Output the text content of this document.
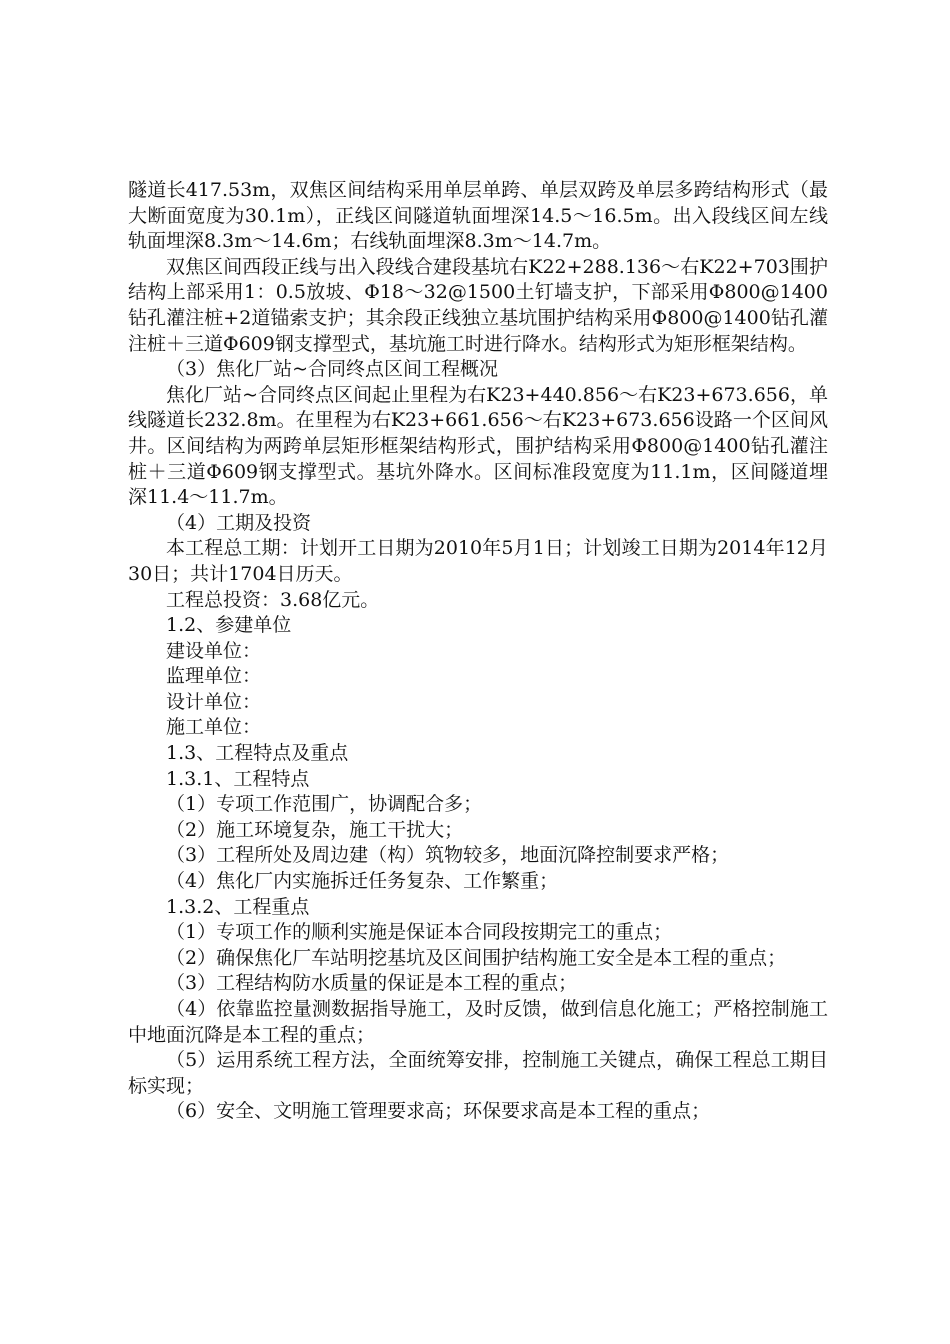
隧道长417.53m，双焦区间结构采用单层单跨、单层双跨及单层多跨结构形式（最大断面宽度为30.1m），正线区间隧道轨面埋深14.5～16.5m。出入段线区间左线轨面埋深8.3m～14.6m；右线轨面埋深8.3m～14.7m。

双焦区间西段正线与出入段线合建段基坑右K22+288.136～右K22+703围护结构上部采用1：0.5放坡、Φ18～32@1500土钉墙支护，下部采用Φ800@1400钻孔灌注桩+2道锚索支护；其余段正线独立基坑围护结构采用Φ800@1400钻孔灌注桩＋三道Φ609钢支撑型式，基坑施工时进行降水。结构形式为矩形框架结构。

（3）焦化厂站~合同终点区间工程概况

焦化厂站~合同终点区间起止里程为右K23+440.856～右K23+673.656，单线隧道长232.8m。在里程为右K23+661.656～右K23+673.656设路一个区间风井。区间结构为两跨单层矩形框架结构形式，围护结构采用Φ800@1400钻孔灌注桩＋三道Φ609钢支撑型式。基坑外降水。区间标准段宽度为11.1m，区间隧道埋深11.4～11.7m。

（4）工期及投资

本工程总工期：计划开工日期为2010年5月1日；计划竣工日期为2014年12月30日；共计1704日历天。

工程总投资：3.68亿元。

1.2、参建单位

建设单位：

监理单位：

设计单位：

施工单位：

1.3、工程特点及重点

1.3.1、工程特点

（1）专项工作范围广，协调配合多；

（2）施工环境复杂，施工干扰大；

（3）工程所处及周边建（构）筑物较多，地面沉降控制要求严格；

（4）焦化厂内实施拆迁任务复杂、工作繁重；

1.3.2、工程重点

（1）专项工作的顺利实施是保证本合同段按期完工的重点；

（2）确保焦化厂车站明挖基坑及区间围护结构施工安全是本工程的重点；

（3）工程结构防水质量的保证是本工程的重点；

（4）依靠监控量测数据指导施工，及时反馈，做到信息化施工；严格控制施工中地面沉降是本工程的重点；

（5）运用系统工程方法，全面统筹安排，控制施工关键点，确保工程总工期目标实现；

（6）安全、文明施工管理要求高；环保要求高是本工程的重点；
